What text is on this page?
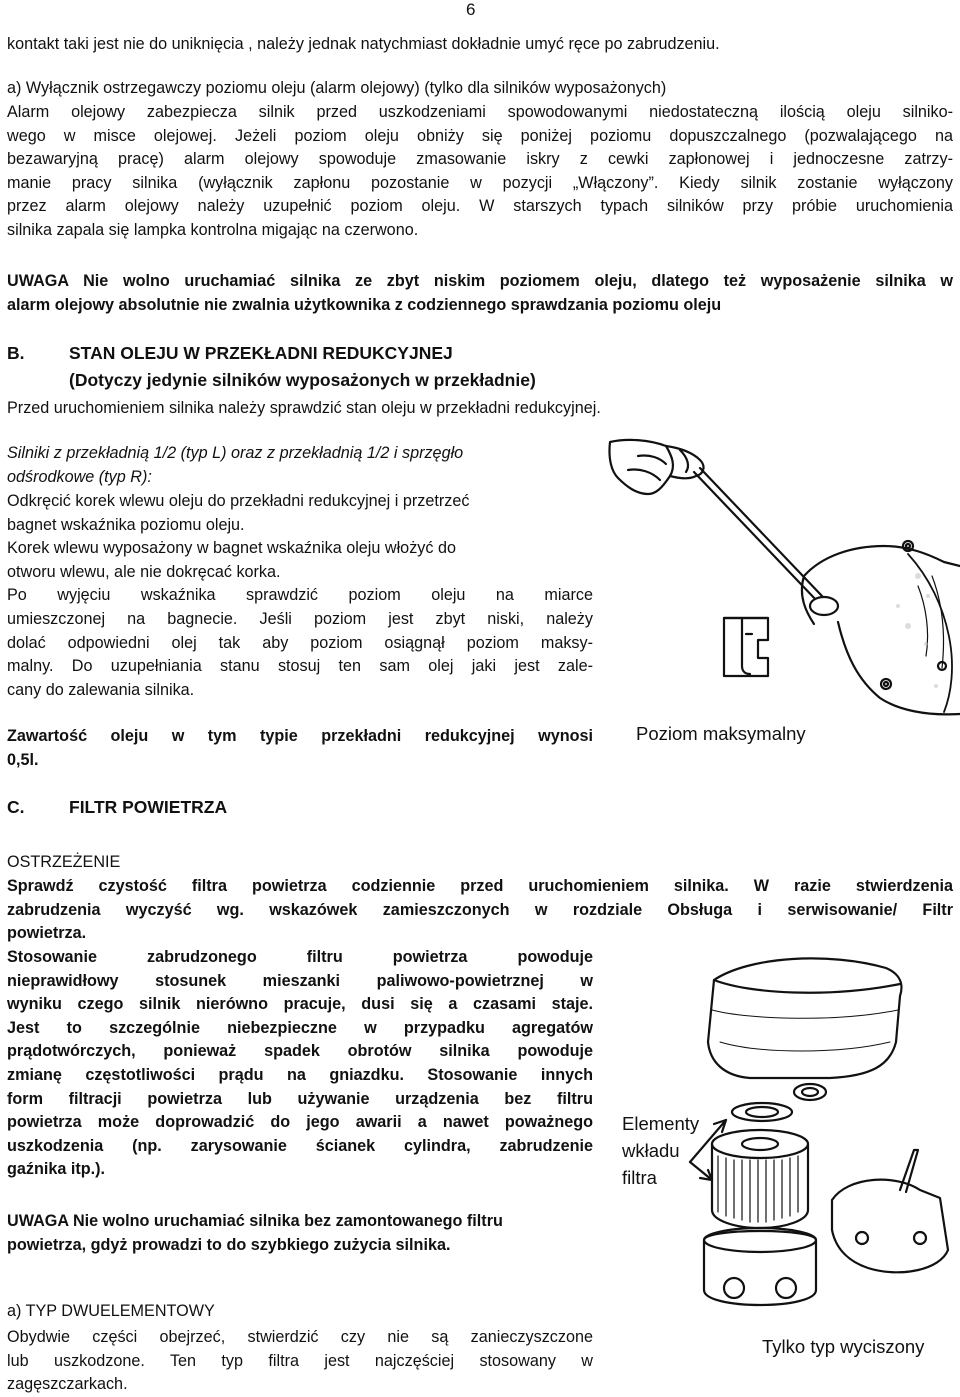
6
kontakt taki jest nie do uniknięcia , należy jednak natychmiast dokładnie umyć ręce po zabrudzeniu.
a) Wyłącznik ostrzegawczy poziomu oleju (alarm olejowy) (tylko dla silników wyposażonych)
Alarm olejowy zabezpiecza silnik przed uszkodzeniami spowodowanymi niedostateczną ilością oleju silniko-
wego w misce olejowej. Jeżeli poziom oleju obniży się poniżej poziomu dopuszczalnego (pozwalającego na
bezawaryjną pracę) alarm olejowy spowoduje zmasowanie iskry z cewki zapłonowej i jednoczesne zatrzy-
manie pracy silnika (wyłącznik zapłonu pozostanie w pozycji „Włączony”. Kiedy silnik zostanie wyłączony
przez alarm olejowy należy uzupełnić poziom oleju. W starszych typach silników przy próbie uruchomienia
silnika zapala się lampka kontrolna migając na czerwono.
UWAGA Nie wolno uruchamiać silnika ze zbyt niskim poziomem oleju, dlatego też wyposażenie silnika w
alarm olejowy absolutnie nie zwalnia użytkownika z codziennego sprawdzania poziomu oleju
B.	STAN OLEJU W PRZEKŁADNI REDUKCYJNEJ
(Dotyczy jedynie silników wyposażonych w przekładnie)
Przed uruchomieniem silnika należy sprawdzić stan oleju w przekładni redukcyjnej.
Silniki z przekładnią 1/2 (typ L) oraz z przekładnią 1/2 i sprzęgło
odśrodkowe (typ R):
Odkręcić korek wlewu oleju do przekładni redukcyjnej i przetrzeć
bagnet wskaźnika poziomu oleju.
Korek wlewu wyposażony w bagnet wskaźnika oleju włożyć do
otworu wlewu, ale nie dokręcać korka.
Po wyjęciu wskaźnika sprawdzić poziom oleju na miarce
umieszczonej na bagnecie. Jeśli poziom jest zbyt niski, należy
dolać odpowiedni olej tak aby poziom osiągnął poziom maksy-
malny. Do uzupełniania stanu stosuj ten sam olej jaki jest zale-
cany do zalewania silnika.
Zawartość oleju w tym typie przekładni redukcyjnej wynosi
0,5l.
Poziom maksymalny
C.	FILTR POWIETRZA
OSTRZEŻENIE
Sprawdź czystość filtra powietrza codziennie przed uruchomieniem silnika. W razie stwierdzenia
zabrudzenia wyczyść wg. wskazówek zamieszczonych w rozdziale Obsługa i serwisowanie/ Filtr
powietrza.
Stosowanie zabrudzonego filtru powietrza powoduje
nieprawidłowy stosunek mieszanki paliwowo-powietrznej w
wyniku czego silnik nierówno pracuje, dusi się a czasami staje.
Jest to szczególnie niebezpieczne w przypadku agregatów
prądotwórczych, ponieważ spadek obrotów silnika powoduje
zmianę częstotliwości prądu na gniazdku. Stosowanie innych
form filtracji powietrza lub używanie urządzenia bez filtru
powietrza może doprowadzić do jego awarii a nawet poważnego
uszkodzenia (np. zarysowanie ścianek cylindra, zabrudzenie
gaźnika itp.).
UWAGA Nie wolno uruchamiać silnika bez zamontowanego filtru
powietrza, gdyż prowadzi to do szybkiego zużycia silnika.
a) TYP DWUELEMENTOWY
Obydwie części obejrzeć, stwierdzić czy nie są zanieczyszczone
lub uszkodzone. Ten typ filtra jest najczęściej stosowany w
zagęszczarkach.
Elementy
wkładu
filtra
Tylko typ wyciszony
